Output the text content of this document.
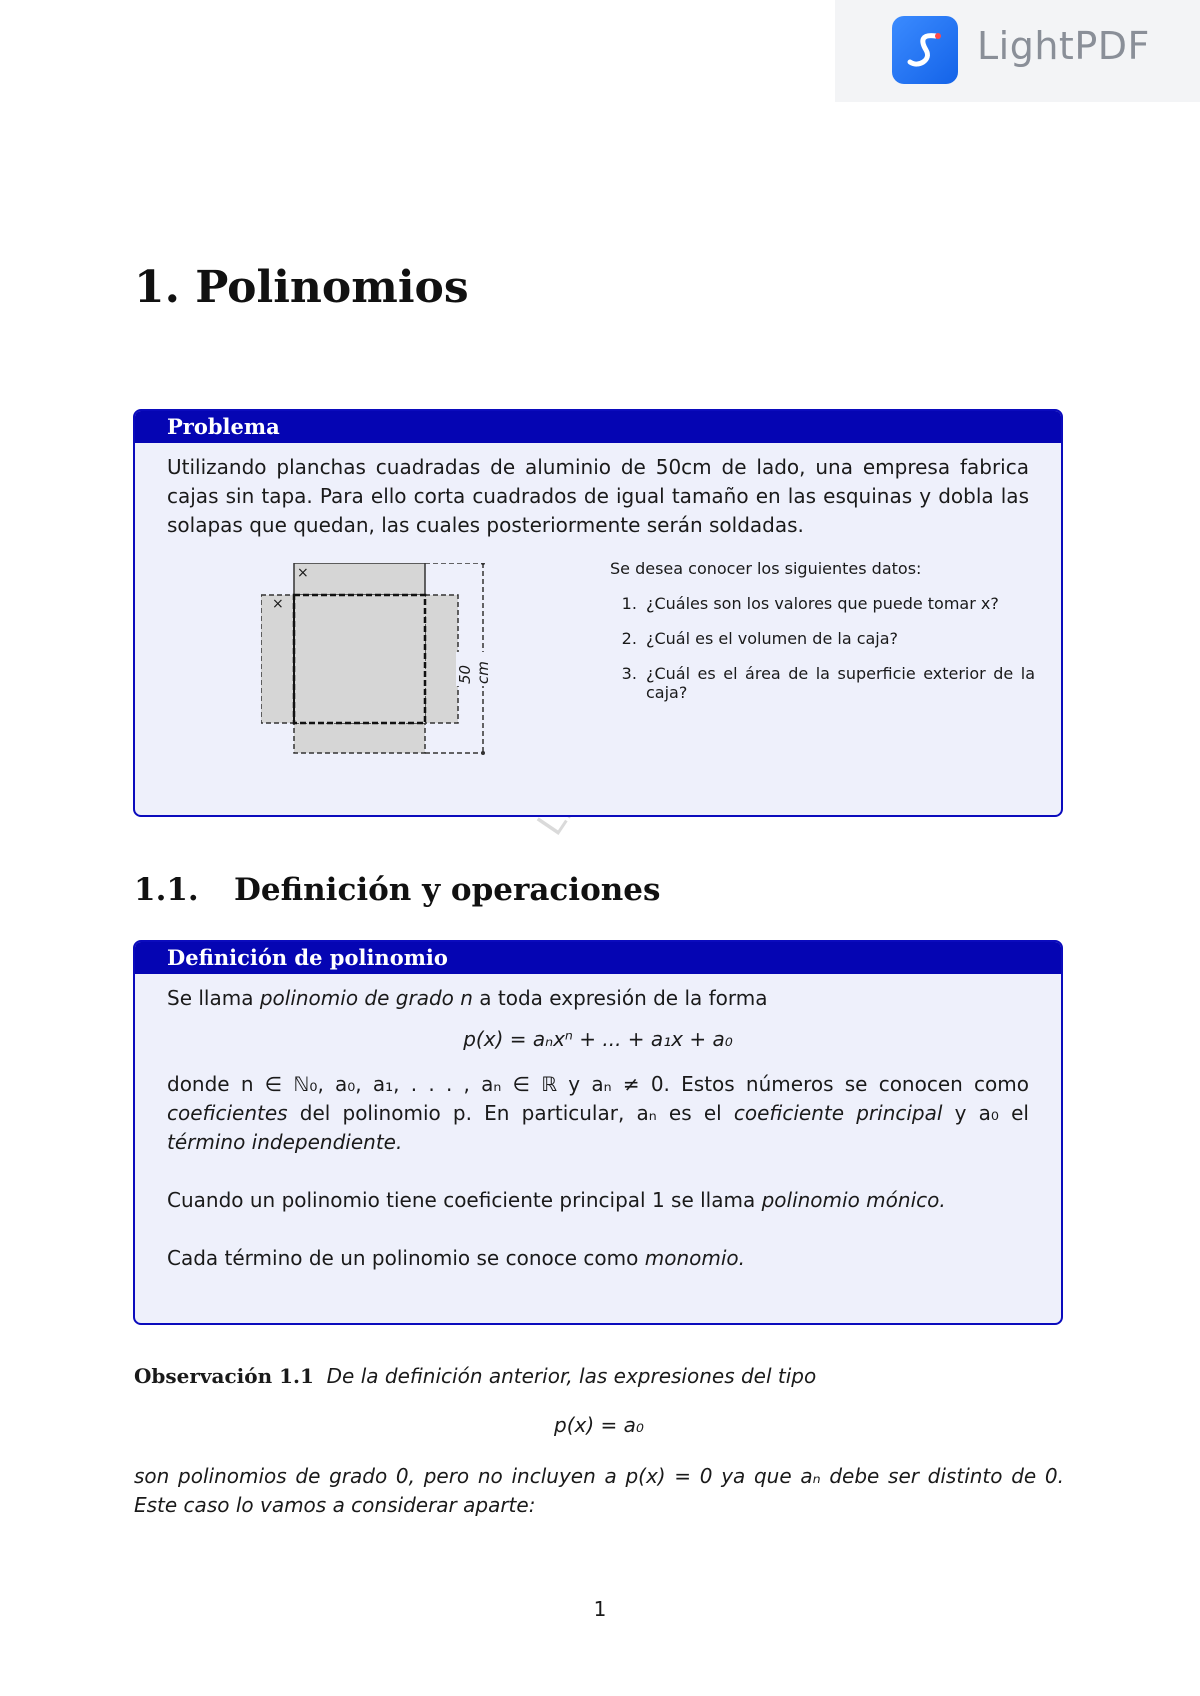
LightPDF
1. Polinomios
Problema
Utilizando planchas cuadradas de aluminio de 50cm de lado, una empresa fabrica cajas sin tapa. Para ello corta cuadrados de igual tamaño en las esquinas y dobla las solapas que quedan, las cuales posteriormente serán soldadas.
×
×
50 cm
Se desea conocer los siguientes datos:
1. ¿Cuáles son los valores que puede tomar x?
2. ¿Cuál es el volumen de la caja?
3. ¿Cuál es el área de la superficie exterior de la caja?
1.1. Definición y operaciones
Definición de polinomio

Se llama polinomio de grado n a toda expresión de la forma

p(x) = aₙxⁿ + ... + a₁x + a₀

donde n ∈ ℕ₀, a₀, a₁, . . . , aₙ ∈ ℝ y aₙ ≠ 0. Estos números se conocen como coeficientes del polinomio p. En particular, aₙ es el coeficiente principal y a₀ el término independiente.

Cuando un polinomio tiene coeficiente principal 1 se llama polinomio mónico.

Cada término de un polinomio se conoce como monomio.

Observación 1.1 De la definición anterior, las expresiones del tipo
p(x) = a₀
son polinomios de grado 0, pero no incluyen a p(x) = 0 ya que aₙ debe ser distinto de 0. Este caso lo vamos a considerar aparte:
1
